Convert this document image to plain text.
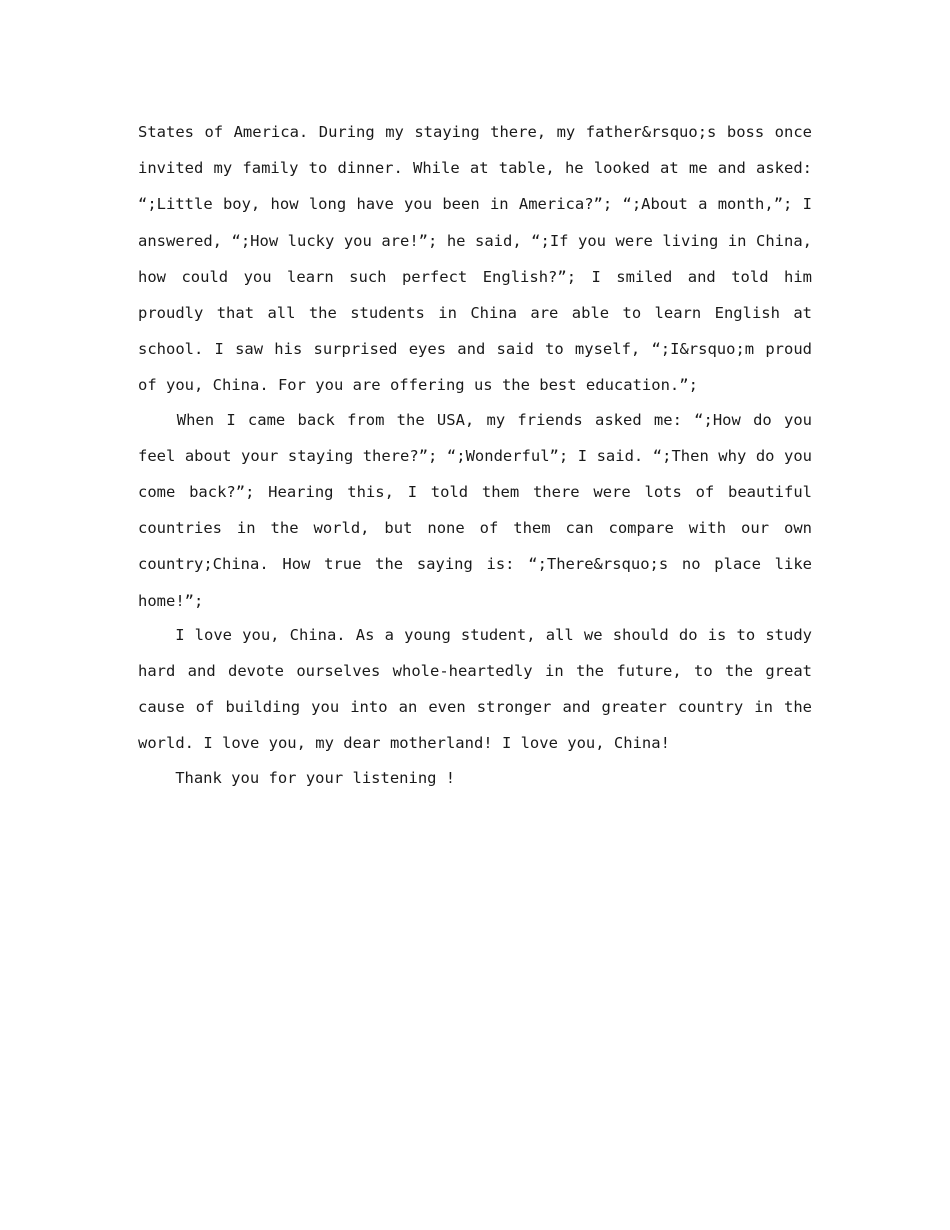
States of America. During my staying there, my father&rsquo;s boss once invited my family to dinner. While at table, he looked at me and asked: “;Little boy, how long have you been in America?”; “;About a month,”; I answered, “;How lucky you are!”; he said, “;If you were living in China, how could you learn such perfect English?”; I smiled and told him proudly that all the students in China are able to learn English at school. I saw his surprised eyes and said to myself, “;I&rsquo;m proud of you, China. For you are offering us the best education.”;

When I came back from the USA, my friends asked me: “;How do you feel about your staying there?”; “;Wonderful”; I said. “;Then why do you come back?”; Hearing this, I told them there were lots of beautiful countries in the world, but none of them can compare with our own country;China. How true the saying is: “;There&rsquo;s no place like home!”;

I love you, China. As a young student, all we should do is to study hard and devote ourselves whole-heartedly in the future, to the great cause of building you into an even stronger and greater country in the world. I love you, my dear motherland! I love you, China!

Thank you for your listening !
